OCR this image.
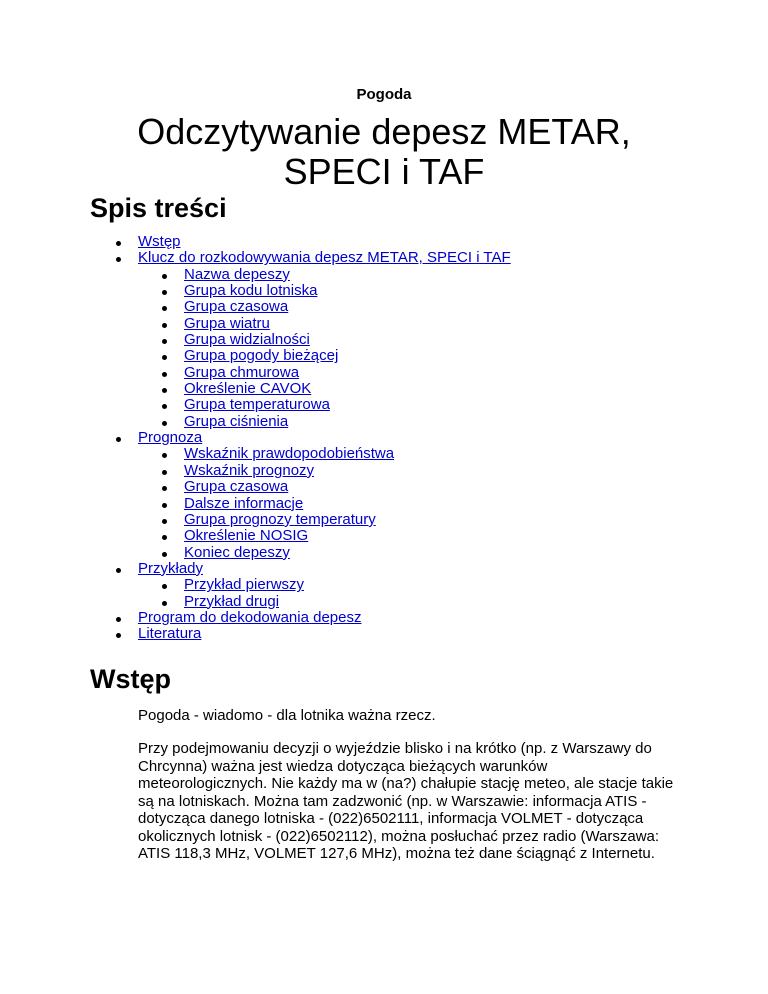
Pogoda
Odczytywanie depesz METAR, SPECI i TAF
Spis treści
Wstęp
Klucz do rozkodowywania depesz METAR, SPECI i TAF
Nazwa depeszy
Grupa kodu lotniska
Grupa czasowa
Grupa wiatru
Grupa widzialności
Grupa pogody bieżącej
Grupa chmurowa
Określenie CAVOK
Grupa temperaturowa
Grupa ciśnienia
Prognoza
Wskaźnik prawdopodobieństwa
Wskaźnik prognozy
Grupa czasowa
Dalsze informacje
Grupa prognozy temperatury
Określenie NOSIG
Koniec depeszy
Przykłady
Przykład pierwszy
Przykład drugi
Program do dekodowania depesz
Literatura
Wstęp

Pogoda - wiadomo - dla lotnika ważna rzecz.

Przy podejmowaniu decyzji o wyjeździe blisko i na krótko (np. z Warszawy do Chrcynna) ważna jest wiedza dotycząca bieżących warunków meteorologicznych. Nie każdy ma w (na?) chałupie stację meteo, ale stacje takie są na lotniskach. Można tam zadzwonić (np. w Warszawie: informacja ATIS - dotycząca danego lotniska - (022)6502111, informacja VOLMET - dotycząca okolicznych lotnisk - (022)6502112), można posłuchać przez radio (Warszawa: ATIS 118,3 MHz, VOLMET 127,6 MHz), można też dane ściągnąć z Internetu.
